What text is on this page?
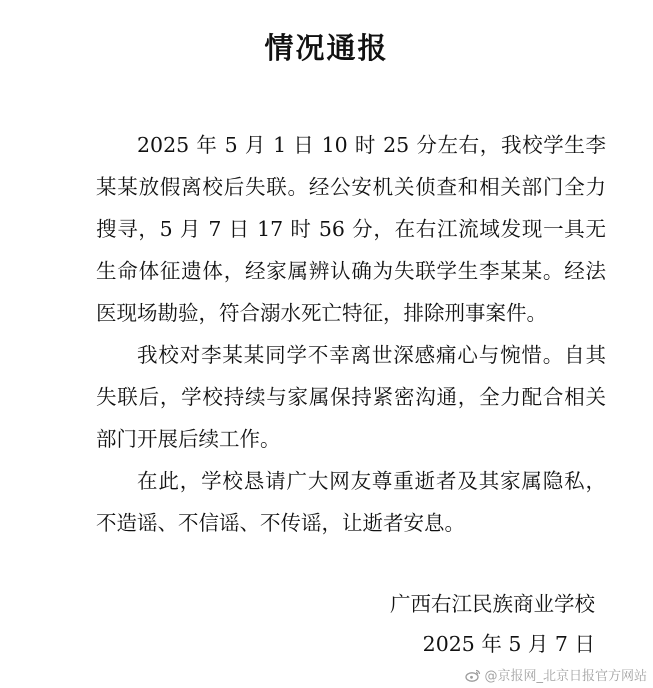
情况通报

2025 年 5 月 1 日 10 时 25 分左右，我校学生李某某放假离校后失联。经公安机关侦查和相关部门全力搜寻，5 月 7 日 17 时 56 分，在右江流域发现一具无生命体征遗体，经家属辨认确为失联学生李某某。经法医现场勘验，符合溺水死亡特征，排除刑事案件。

我校对李某某同学不幸离世深感痛心与惋惜。自其失联后，学校持续与家属保持紧密沟通，全力配合相关部门开展后续工作。

在此，学校恳请广大网友尊重逝者及其家属隐私，不造谣、不信谣、不传谣，让逝者安息。

广西右江民族商业学校
2025 年 5 月 7 日
@京报网_北京日报官方网站
